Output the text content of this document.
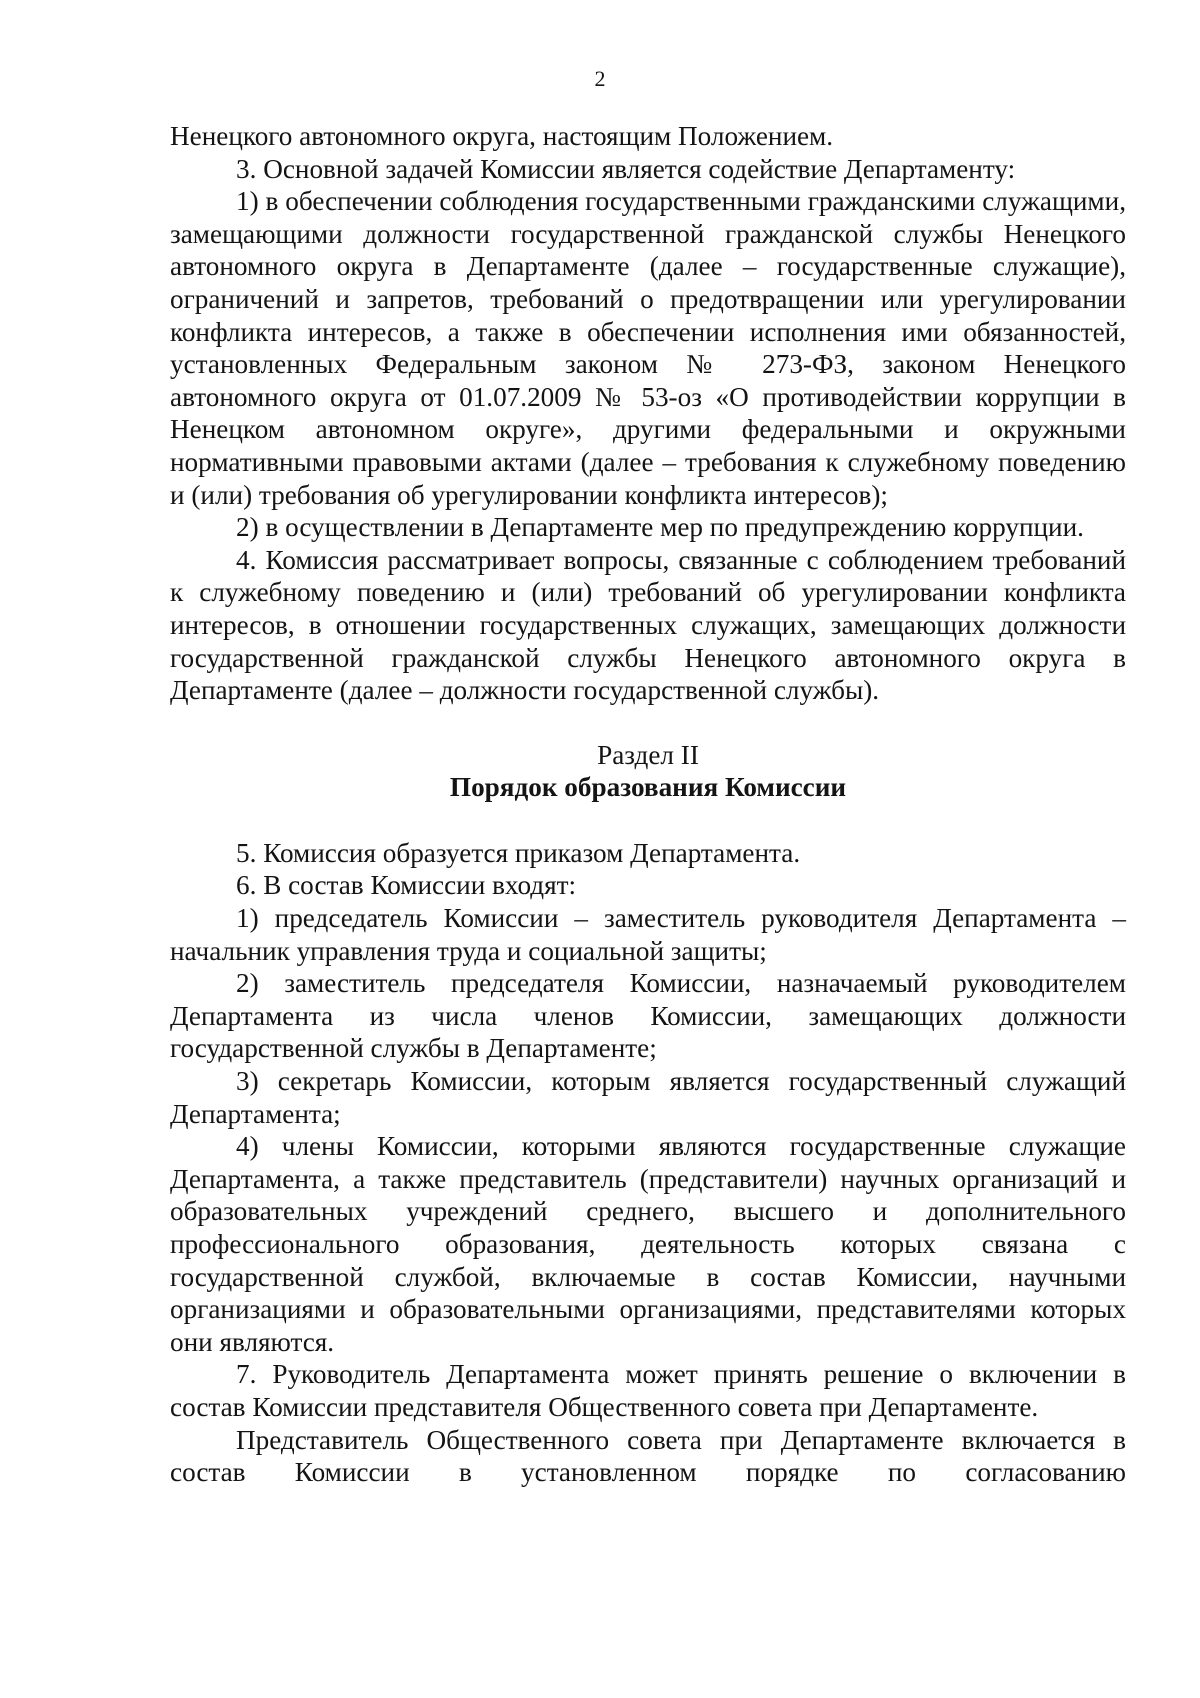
2

Ненецкого автономного округа, настоящим Положением.

3. Основной задачей Комиссии является содействие Департаменту:

1) в обеспечении соблюдения государственными гражданскими служащими, замещающими должности государственной гражданской службы Ненецкого автономного округа в Департаменте (далее – государственные служащие), ограничений и запретов, требований о предотвращении или урегулировании конфликта интересов, а также в обеспечении исполнения ими обязанностей, установленных Федеральным законом № 273-ФЗ, законом Ненецкого автономного округа от 01.07.2009 № 53-оз «О противодействии коррупции в Ненецком автономном округе», другими федеральными и окружными нормативными правовыми актами (далее – требования к служебному поведению и (или) требования об урегулировании конфликта интересов);

2) в осуществлении в Департаменте мер по предупреждению коррупции.

4. Комиссия рассматривает вопросы, связанные с соблюдением требований к служебному поведению и (или) требований об урегулировании конфликта интересов, в отношении государственных служащих, замещающих должности государственной гражданской службы Ненецкого автономного округа в Департаменте (далее – должности государственной службы).

Раздел II
Порядок образования Комиссии

5. Комиссия образуется приказом Департамента.

6. В состав Комиссии входят:

1) председатель Комиссии – заместитель руководителя Департамента – начальник управления труда и социальной защиты;

2) заместитель председателя Комиссии, назначаемый руководителем Департамента из числа членов Комиссии, замещающих должности государственной службы в Департаменте;

3) секретарь Комиссии, которым является государственный служащий Департамента;

4) члены Комиссии, которыми являются государственные служащие Департамента, а также представитель (представители) научных организаций и образовательных учреждений среднего, высшего и дополнительного профессионального образования, деятельность которых связана с государственной службой, включаемые в состав Комиссии, научными организациями и образовательными организациями, представителями которых они являются.

7. Руководитель Департамента может принять решение о включении в состав Комиссии представителя Общественного совета при Департаменте.

Представитель Общественного совета при Департаменте включается в состав Комиссии в установленном порядке по согласованию
